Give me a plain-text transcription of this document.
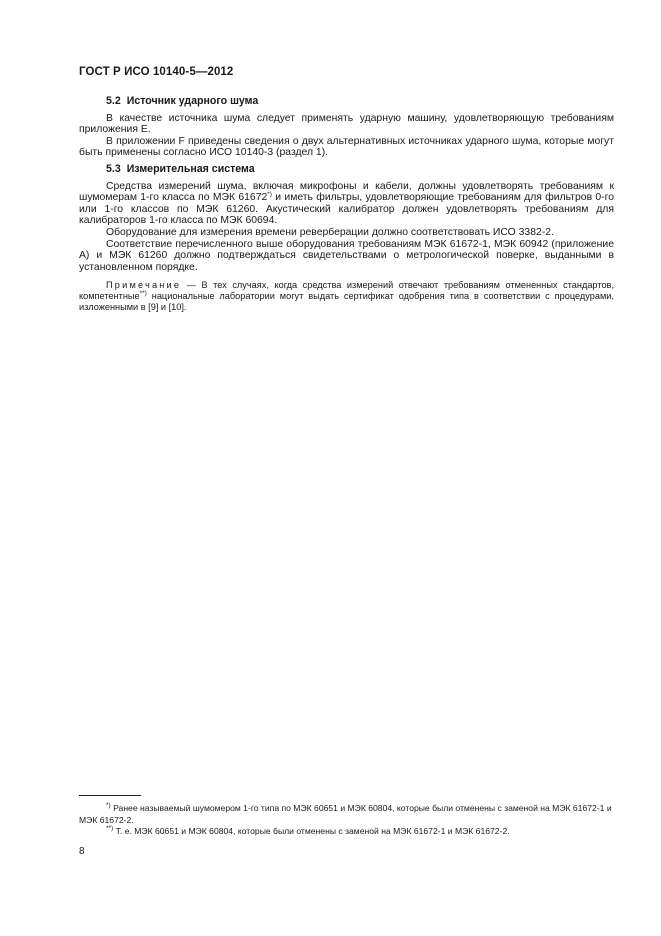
ГОСТ Р ИСО 10140-5—2012
5.2 Источник ударного шума

В качестве источника шума следует применять ударную машину, удовлетворяющую требованиям приложения Е.

В приложении F приведены сведения о двух альтернативных источниках ударного шума, которые могут быть применены согласно ИСО 10140-3 (раздел 1).

5.3 Измерительная система

Средства измерений шума, включая микрофоны и кабели, должны удовлетворять требованиям к шумомерам 1-го класса по МЭК 61672*) и иметь фильтры, удовлетворяющие требованиям для фильтров 0-го или 1-го классов по МЭК 61260. Акустический калибратор должен удовлетворять требованиям для калибраторов 1-го класса по МЭК 60694.

Оборудование для измерения времени реверберации должно соответствовать ИСО 3382-2.

Соответствие перечисленного выше оборудования требованиям МЭК 61672-1, МЭК 60942 (приложение А) и МЭК 61260 должно подтверждаться свидетельствами о метрологической поверке, выданными в установленном порядке.

Примечание — В тех случаях, когда средства измерений отвечают требованиям отмененных стандартов, компетентные**) национальные лаборатории могут выдать сертификат одобрения типа в соответствии с процедурами, изложенными в [9] и [10].

*) Ранее называемый шумомером 1-го типа по МЭК 60651 и МЭК 60804, которые были отменены с заменой на МЭК 61672-1 и МЭК 61672-2.

**) Т. е. МЭК 60651 и МЭК 60804, которые были отменены с заменой на МЭК 61672-1 и МЭК 61672-2.

8
